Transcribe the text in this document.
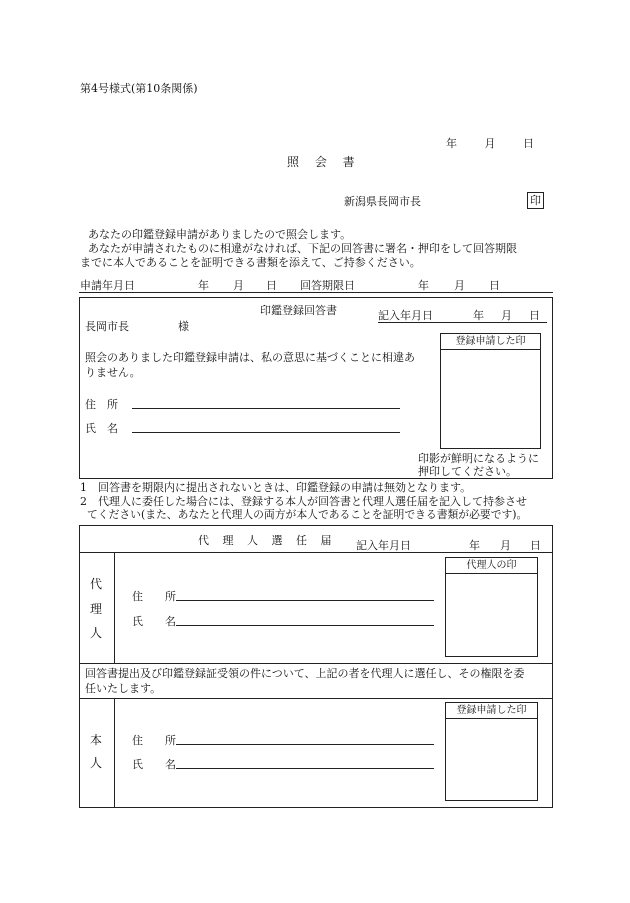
第4号様式(第10条関係)
年	月	日
照 会 書
新潟県長岡市長	印
あなたの印鑑登録申請がありましたので照会します。
あなたが申請されたものに相違がなければ、下記の回答書に署名・押印をして回答期限
までに本人であることを証明できる書類を添えて、ご持参ください。
申請年月日	年 月 日 回答期限日	年 月 日
印鑑登録回答書	記入年月日	年 月 日
長岡市長	様
照会のありました印鑑登録申請は、私の意思に基づくことに相違あ
りません。
住　所
氏　名
登録申請した印
印影が鮮明になるように
押印してください。
1　回答書を期限内に提出されないときは、印鑑登録の申請は無効となります。
2　代理人に委任した場合には、登録する本人が回答書と代理人選任届を記入して持参させ
てください(また、あなたと代理人の両方が本人であることを証明できる書類が必要です)。
代 理 人 選 任 届 記入年月日	年 月 日
代
理
人
住　　所
氏　　名
代理人の印
回答書提出及び印鑑登録証受領の件について、上記の者を代理人に選任し、その権限を委
任いたします。
本
人
住　　所
氏　　名
登録申請した印
